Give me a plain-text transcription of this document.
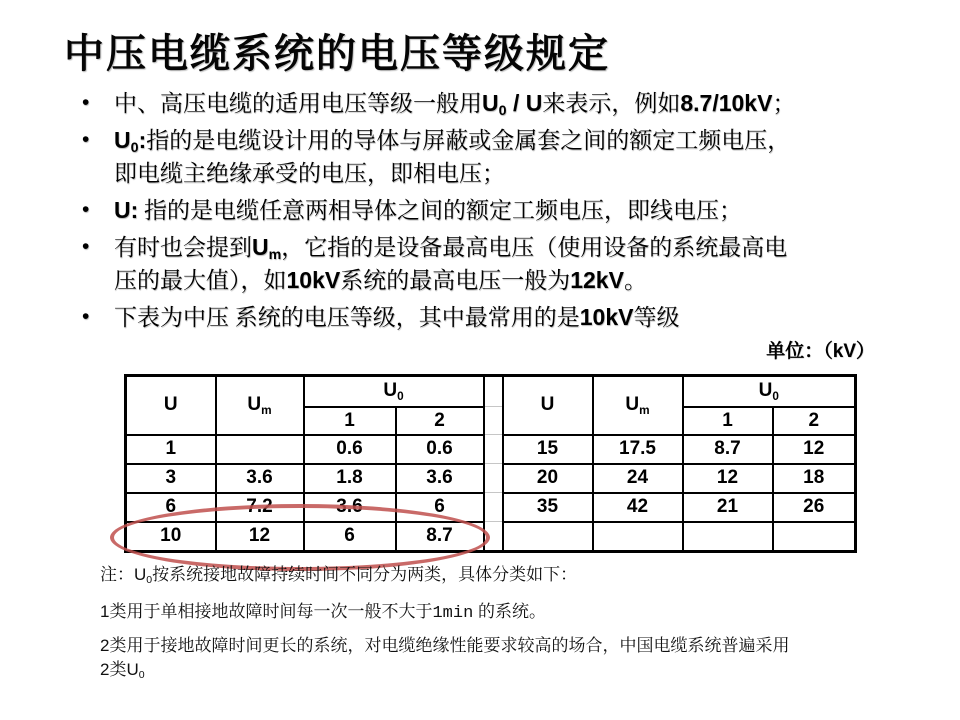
中压电缆系统的电压等级规定
• 中、高压电缆的适用电压等级一般用$U_0$ / U来表示，例如8.7/10kV；
• $U_0$:指的是电缆设计用的导体与屏蔽或金属套之间的额定工频电压，
即电缆主绝缘承受的电压，即相电压；
• U: 指的是电缆任意两相导体之间的额定工频电压，即线电压；
• 有时也会提到$U_m$，它指的是设备最高电压（使用设备的系统最高电
压的最大值），如10kV系统的最高电压一般为12kV。
• 下表为中压 系统的电压等级，其中最常用的是10kV等级
单位：（kV）
U	$U_m$	$U_0$			U	$U_m$	$U_0$
		1	2				1	2
1		0.6	0.6		15	17.5	8.7	12
3	3.6	1.8	3.6		20	24	12	18
6	7.2	3.6	6		35	42	21	26
10	12	6	8.7					
注：$U_0$按系统接地故障持续时间不同分为两类，具体分类如下：
1类用于单相接地故障时间每一次一般不大于1min 的系统。
2类用于接地故障时间更长的系统，对电缆绝缘性能要求较高的场合，中国电缆系统普遍采用
2类$U_0$
